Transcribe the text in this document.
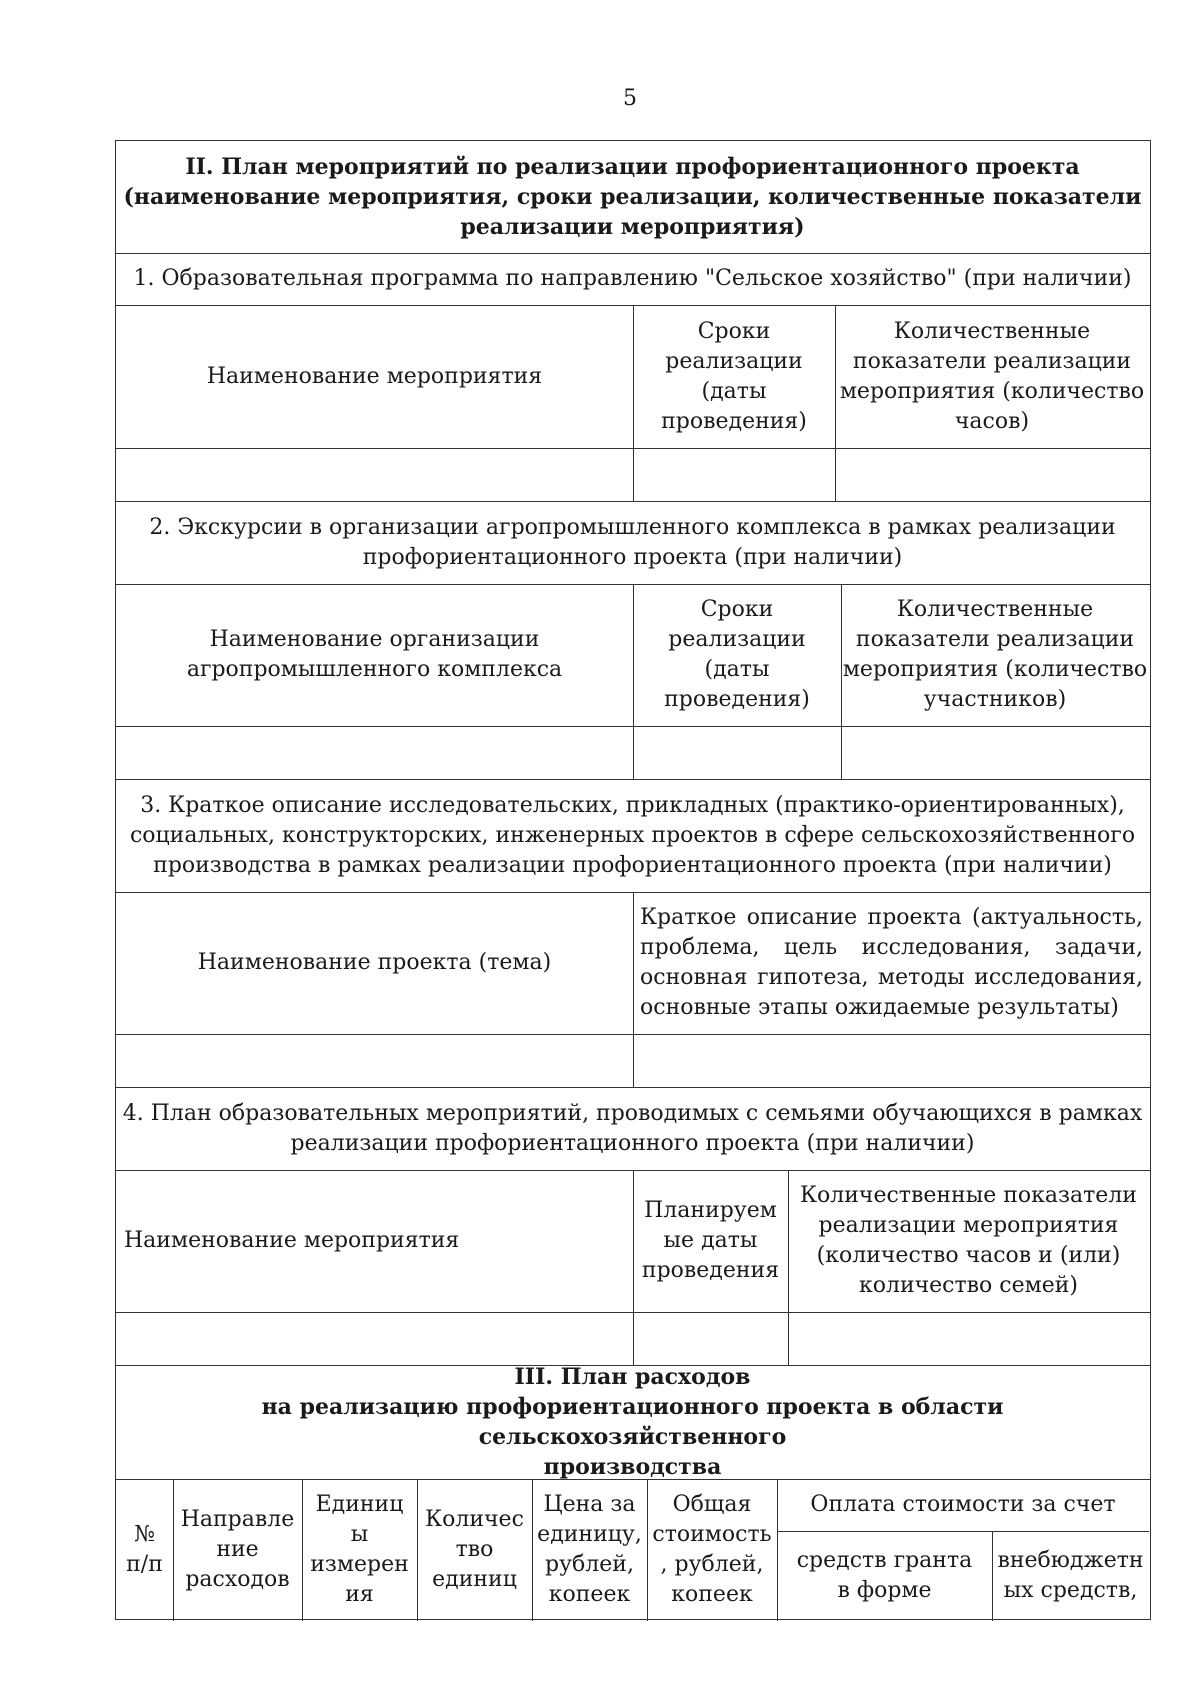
5
II. План мероприятий по реализации профориентационного проекта
(наименование мероприятия, сроки реализации, количественные показатели
реализации мероприятия)
1. Образовательная программа по направлению "Сельское хозяйство" (при наличии)
Наименование мероприятия
Сроки
реализации
(даты
проведения)
Количественные
показатели реализации
мероприятия (количество
часов)
2. Экскурсии в организации агропромышленного комплекса в рамках реализации
профориентационного проекта (при наличии)
Наименование организации
агропромышленного комплекса
Сроки
реализации
(даты
проведения)
Количественные
показатели реализации
мероприятия (количество
участников)
3. Краткое описание исследовательских, прикладных (практико-ориентированных),
социальных, конструкторских, инженерных проектов в сфере сельскохозяйственного
производства в рамках реализации профориентационного проекта (при наличии)
Наименование проекта (тема)
Краткое описание проекта (актуальность,
проблема, цель исследования, задачи,
основная гипотеза, методы исследования,
основные этапы ожидаемые результаты)
4. План образовательных мероприятий, проводимых с семьями обучающихся в рамках
реализации профориентационного проекта (при наличии)
Наименование мероприятия
Планируем
ые даты
проведения
Количественные показатели
реализации мероприятия
(количество часов и (или)
количество семей)
III. План расходов
на реализацию профориентационного проекта в области сельскохозяйственного
производства
№
п/п
Направле
ние
расходов
Единиц
ы
измерен
ия
Количес
тво
единиц
Цена за
единицу,
рублей,
копеек
Общая
стоимость
, рублей,
копеек
Оплата стоимости за счет
средств гранта
в форме
внебюджетн
ых средств,
